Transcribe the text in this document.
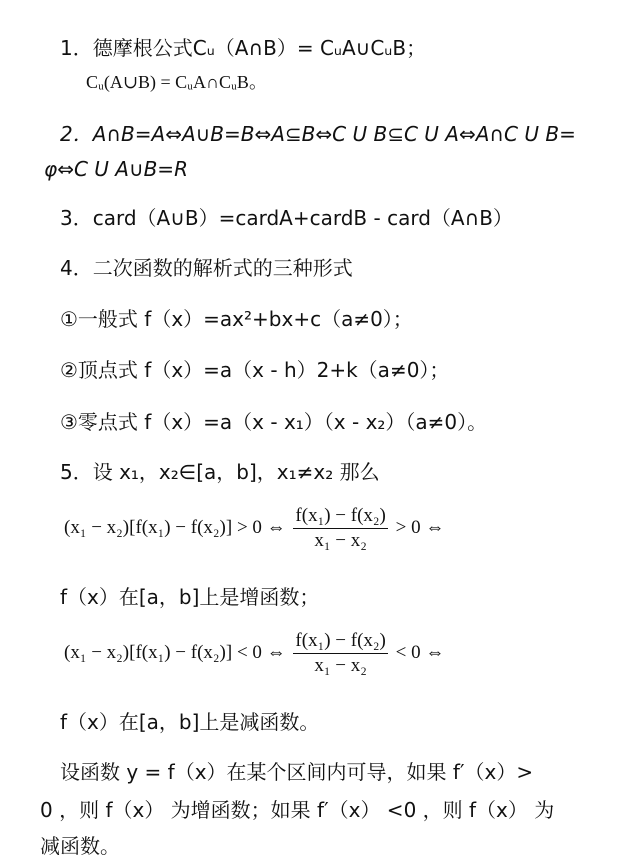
1．德摩根公式Cᵤ（A∩B）= CᵤA∪CᵤB；
Cᵤ(A∪B) = CᵤA∩CᵤB。
2．A∩B=A⇔A∪B=B⇔A⊆B⇔C U B⊆C U A⇔A∩C U B=
φ⇔C U A∪B=R
3．card（A∪B）=cardA+cardB - card（A∩B）
4．二次函数的解析式的三种形式
①一般式 f（x）=ax²+bx+c（a≠0）；
②顶点式 f（x）=a（x - h）2+k（a≠0）；
③零点式 f（x）=a（x - x₁）（x - x₂）（a≠0）。
5．设 x₁，x₂∈[a，b]，x₁≠x₂ 那么
(x₁ − x₂)[f(x₁) − f(x₂)] > 0 ⇔ $\frac{\text{f(x₁) − f(x₂)}}{\text{x₁ − x₂}} > 0$ ⇔
f（x）在[a，b]上是增函数；
(x₁ − x₂)[f(x₁) − f(x₂)] < 0 ⇔ $\frac{\text{f(x₁) − f(x₂)}}{\text{x₁ − x₂}} < 0$ ⇔
f（x）在[a，b]上是减函数。
设函数 y = f（x）在某个区间内可导，如果 f′（x）>
0 ，则 f（x） 为增函数；如果 f′（x） <0 ，则 f（x） 为
减函数。
